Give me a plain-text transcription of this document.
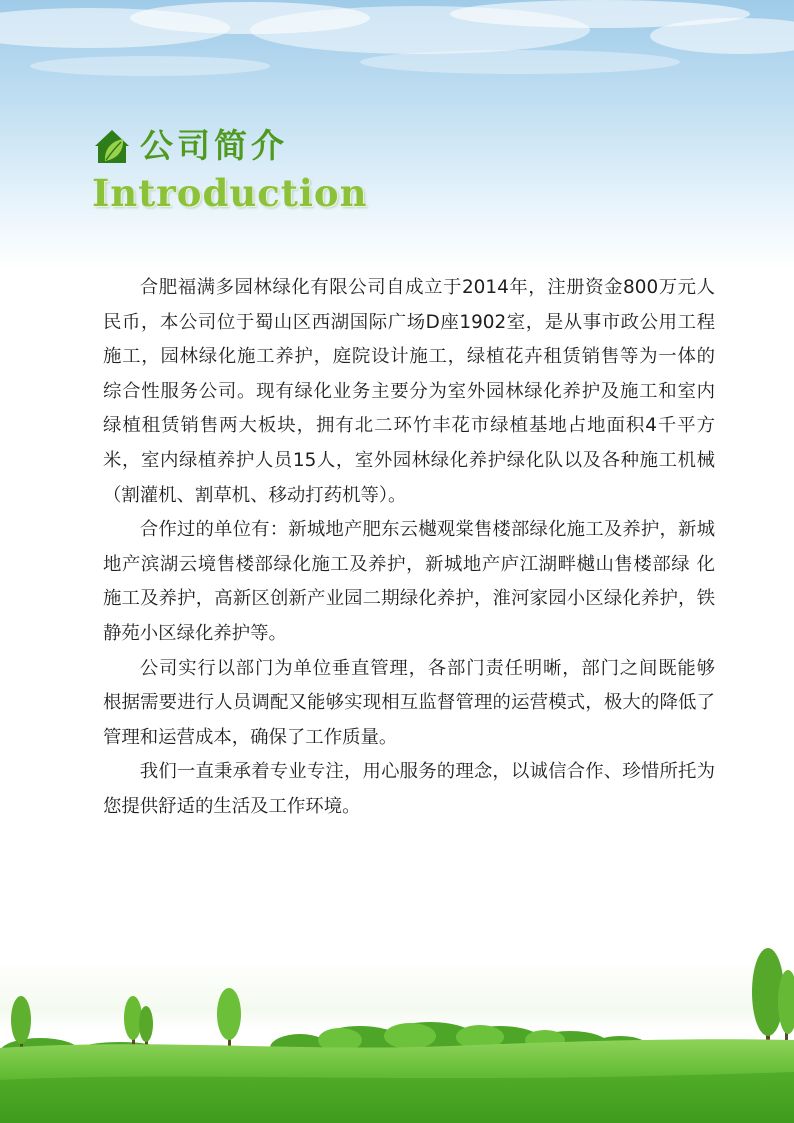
公司简介
Introduction

合肥福满多园林绿化有限公司自成立于2014年，注册资金800万元人 民币，本公司位于蜀山区西湖国际广场D座1902室，是从事市政公用工程 施工，园林绿化施工养护，庭院设计施工，绿植花卉租赁销售等为一体的 综合性服务公司。现有绿化业务主要分为室外园林绿化养护及施工和室内 绿植租赁销售两大板块，拥有北二环竹丰花市绿植基地占地面积4千平方 米，室内绿植养护人员15人，室外园林绿化养护绿化队以及各种施工机械（割灌机、割草机、移动打药机等）。

合作过的单位有：新城地产肥东云樾观棠售楼部绿化施工及养护，新城地产滨湖云境售楼部绿化施工及养护，新城地产庐江湖畔樾山售楼部绿 化施工及养护，高新区创新产业园二期绿化养护，淮河家园小区绿化养护，铁静苑小区绿化养护等。

公司实行以部门为单位垂直管理，各部门责任明晰，部门之间既能够 根据需要进行人员调配又能够实现相互监督管理的运营模式，极大的降低了管理和运营成本，确保了工作质量。

我们一直秉承着专业专注，用心服务的理念，以诚信合作、珍惜所托为您提供舒适的生活及工作环境。
